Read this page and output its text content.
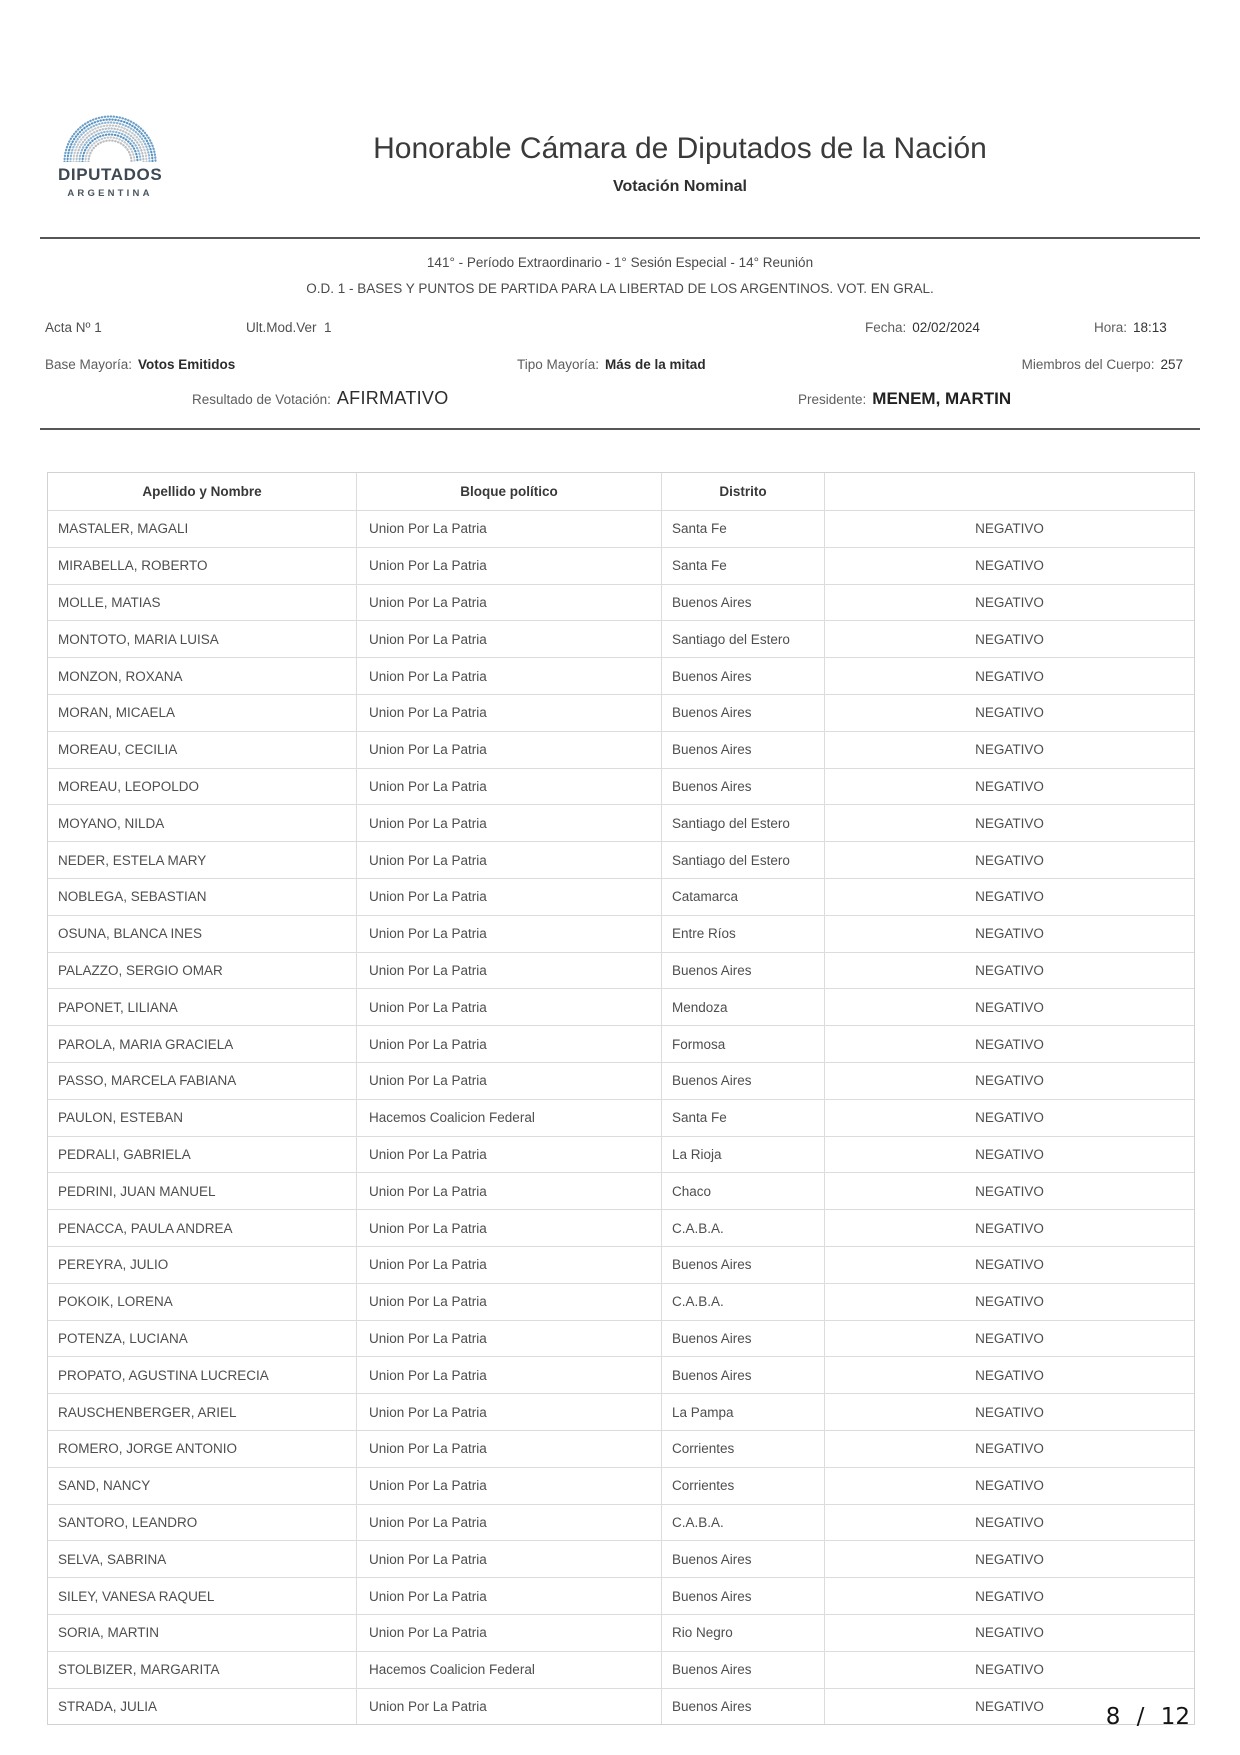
DIPUTADOS
ARGENTINA
Honorable Cámara de Diputados de la Nación
Votación Nominal
141° - Período Extraordinario - 1° Sesión Especial - 14° Reunión
O.D. 1 - BASES Y PUNTOS DE PARTIDA PARA LA LIBERTAD DE LOS ARGENTINOS. VOT. EN GRAL.
Acta Nº 1	Ult.Mod.Ver  1	Fecha: 02/02/2024	Hora: 18:13
Base Mayoría: Votos Emitidos	Tipo Mayoría: Más de la mitad	Miembros del Cuerpo: 257
Resultado de Votación: AFIRMATIVO	Presidente: MENEM, MARTIN
Apellido y Nombre	Bloque político	Distrito
MASTALER, MAGALI	Union Por La Patria	Santa Fe	NEGATIVO
MIRABELLA, ROBERTO	Union Por La Patria	Santa Fe	NEGATIVO
MOLLE, MATIAS	Union Por La Patria	Buenos Aires	NEGATIVO
MONTOTO, MARIA LUISA	Union Por La Patria	Santiago del Estero	NEGATIVO
MONZON, ROXANA	Union Por La Patria	Buenos Aires	NEGATIVO
MORAN, MICAELA	Union Por La Patria	Buenos Aires	NEGATIVO
MOREAU, CECILIA	Union Por La Patria	Buenos Aires	NEGATIVO
MOREAU, LEOPOLDO	Union Por La Patria	Buenos Aires	NEGATIVO
MOYANO, NILDA	Union Por La Patria	Santiago del Estero	NEGATIVO
NEDER, ESTELA MARY	Union Por La Patria	Santiago del Estero	NEGATIVO
NOBLEGA, SEBASTIAN	Union Por La Patria	Catamarca	NEGATIVO
OSUNA, BLANCA INES	Union Por La Patria	Entre Ríos	NEGATIVO
PALAZZO, SERGIO OMAR	Union Por La Patria	Buenos Aires	NEGATIVO
PAPONET, LILIANA	Union Por La Patria	Mendoza	NEGATIVO
PAROLA, MARIA GRACIELA	Union Por La Patria	Formosa	NEGATIVO
PASSO, MARCELA FABIANA	Union Por La Patria	Buenos Aires	NEGATIVO
PAULON, ESTEBAN	Hacemos Coalicion Federal	Santa Fe	NEGATIVO
PEDRALI, GABRIELA	Union Por La Patria	La Rioja	NEGATIVO
PEDRINI, JUAN MANUEL	Union Por La Patria	Chaco	NEGATIVO
PENACCA, PAULA ANDREA	Union Por La Patria	C.A.B.A.	NEGATIVO
PEREYRA, JULIO	Union Por La Patria	Buenos Aires	NEGATIVO
POKOIK, LORENA	Union Por La Patria	C.A.B.A.	NEGATIVO
POTENZA, LUCIANA	Union Por La Patria	Buenos Aires	NEGATIVO
PROPATO, AGUSTINA LUCRECIA	Union Por La Patria	Buenos Aires	NEGATIVO
RAUSCHENBERGER, ARIEL	Union Por La Patria	La Pampa	NEGATIVO
ROMERO, JORGE ANTONIO	Union Por La Patria	Corrientes	NEGATIVO
SAND, NANCY	Union Por La Patria	Corrientes	NEGATIVO
SANTORO, LEANDRO	Union Por La Patria	C.A.B.A.	NEGATIVO
SELVA, SABRINA	Union Por La Patria	Buenos Aires	NEGATIVO
SILEY, VANESA RAQUEL	Union Por La Patria	Buenos Aires	NEGATIVO
SORIA, MARTIN	Union Por La Patria	Rio Negro	NEGATIVO
STOLBIZER, MARGARITA	Hacemos Coalicion Federal	Buenos Aires	NEGATIVO
STRADA, JULIA	Union Por La Patria	Buenos Aires	NEGATIVO	8 / 12
